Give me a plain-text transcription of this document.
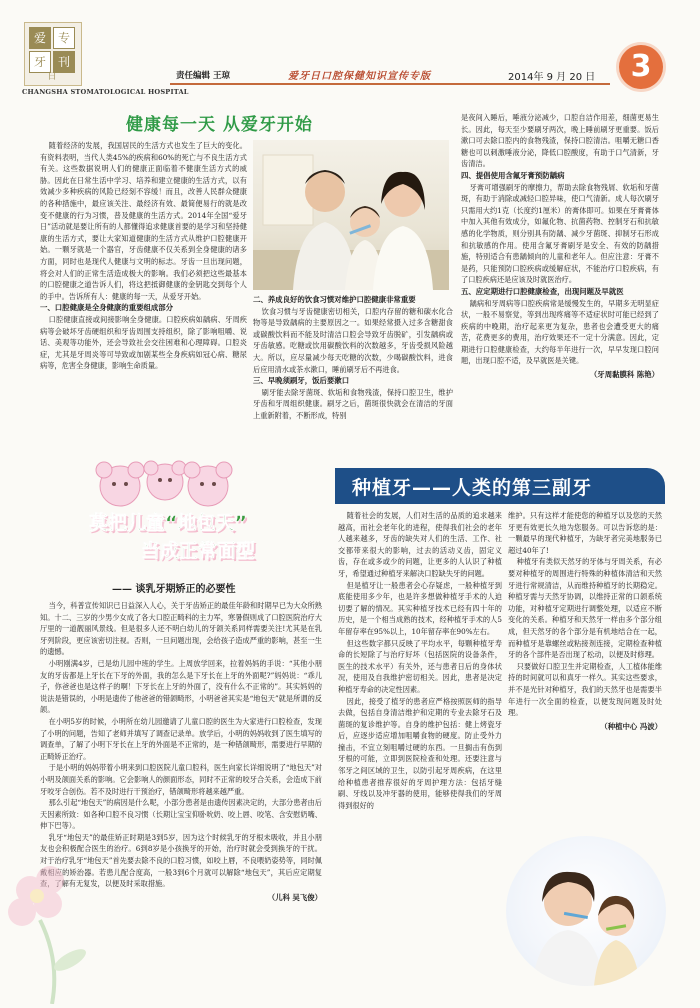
爱 专
牙 刊
日
CHANGSHA STOMATOLOGICAL HOSPITAL
责任编辑 王琼	爱牙日口腔保健知识宣传专版	2014年 9 月 20 日	3
健康每一天 从爱牙开始

随着经济的发展，我国居民的生活方式也发生了巨大的变化。有资料表明，当代人类45%的疾病和60%的死亡与不良生活方式有关。这些数据说明人们的健康正面临着不健康生活方式的威胁。因此在日常生活中学习、培养和建立健康的生活方式，以有效减少多种疾病的风险已经刻不容缓！而且，改善人民群众健康的各种措施中，最应该关注、最经济有效、最简便易行的就是改变不健康的行为习惯，普及健康的生活方式。2014年全国“爱牙日”活动就是要让所有的人都懂得追求健康首要的是学习和坚持健康的生活方式，要让大家知道健康的生活方式从维护口腔健康开始。一颗牙就是一个器官，牙齿健康不仅关系到全身健康的诸多方面，同时也是现代人健康与文明的标志。牙齿一旦出现问题，将会对人们的正常生活造成极大的影响。我们必须把这些最基本的口腔健康之道告诉人们，将这把抵御健康的金钥匙交到每个人的手中。告诉所有人：健康的每一天，从爱牙开始。

一、口腔健康是全身健康的重要组成部分

口腔健康直接或间接影响全身健康。口腔疾病如龋病、牙周疾病等会破坏牙齿硬组织和牙齿周围支持组织，除了影响咀嚼、说话、美观等功能外，还会导致社会交往困难和心理障碍。口腔炎症，尤其是牙周炎等可导致或加剧某些全身疾病如冠心病、糖尿病等，危害全身健康，影响生命质量。

二、养成良好的饮食习惯对维护口腔健康非常重要

饮食习惯与牙齿健康密切相关，口腔内存留的糖和碳水化合物等是导致龋病的主要原因之一。如果经常摄入过多含糖甜食或碳酸饮料而不能及时清洁口腔会导致牙齿脱矿，引发龋病或牙齿敏感。吃糖或饮用碳酸饮料的次数越多，牙齿受损风险越大。所以，应尽量减少每天吃糖的次数，少喝碳酸饮料，进食后应用清水或茶水漱口，睡前刷牙后不再进食。

三、早晚须刷牙，饭后要漱口

刷牙能去除牙菌斑、软垢和食物残渣，保持口腔卫生，维护牙齿和牙周组织健康。刷牙之后，菌斑很快就会在清洁的牙面上重新附着，不断形成，特别

是夜间入睡后，唾液分泌减少，口腔自洁作用差，细菌更易生长。因此，每天至少要刷牙两次，晚上睡前刷牙更重要。饭后漱口可去除口腔内的食物残渣，保持口腔清洁。咀嚼无糖口香糖也可以刺激唾液分泌，降低口腔酸度，有助于口气清新，牙齿清洁。

四、提倡使用含氟牙膏预防龋病

牙膏可增强刷牙的摩擦力，帮助去除食物残屑、软垢和牙菌斑，有助于消除或减轻口腔异味，使口气清新。成人每次刷牙只需用大约1克（长度约1厘米）的膏体即可。如果在牙膏膏体中加入其他有效成分，如氟化物、抗菌药物、控制牙石和抗敏感的化学物质，则分别具有防龋、减少牙菌斑、抑制牙石形成和抗敏感的作用。使用含氟牙膏刷牙是安全、有效的防龋措施，特别适合有患龋倾向的儿童和老年人。但应注意：牙膏不是药，只能预防口腔疾病或缓解症状，不能治疗口腔疾病，有了口腔疾病还是应该及时就医治疗。

五、应定期进行口腔健康检查，出现问题及早就医

龋病和牙周病等口腔疾病常是缓慢发生的，早期多无明显症状，一般不易察觉，等到出现疼痛等不适症状时可能已经到了疾病的中晚期，治疗起来更为复杂，患者也会遭受更大的痛苦，花费更多的费用，治疗效果还不一定十分满意。因此，定期进行口腔健康检查，大约每半年进行一次，早早发现口腔问题，出现口腔不适，及早就医是关键。

（牙周黏膜科 陈艳）
莫把儿童“地包天”
当成正常面型
—— 谈乳牙期矫正的必要性

当今，科普宣传知识已日益深入人心，关于牙齿矫正的最佳年龄和时期早已为大众所熟知。十二、三岁的少男少女成了各大口腔正畸科的主力军，寒暑假则成了口腔医院治疗大厅里的一道靓丽风景线。但是很多人还不明白幼儿的牙颌关系同样需要关注!尤其是在乳牙列阶段，更应该密切注视。否则，一旦问题出现，会给孩子造成严重的影响，甚至一生的遗憾。

小明刚满4岁，已是幼儿园中班的学生。上周放学回来，拉着妈妈的手说：“其他小朋友的牙齿都是上牙长在下牙的外面，我的怎么是下牙长在上牙的外面呢?”妈妈说：“乖儿子，你爸爸也是这样子的啊！下牙长在上牙的外面了，没有什么不正常的”。其实妈妈的说法是错误的，小明是遗传了他爸爸的错颌畸形，小明爸爸其实是“地包天”就是所谓的反颌。

在小明5岁的时候，小明所在幼儿园邀请了儿童口腔的医生为大家进行口腔检查，发现了小明的问题，告知了老师并填写了调查记录单。放学后，小明的妈妈收到了医生填写的调查单，了解了小明下牙长在上牙的外面是不正常的，是一种错颌畸形，需要进行早期的正畸矫正治疗。

于是小明的妈妈带着小明来到口腔医院儿童口腔科，医生向家长详细说明了“地包天”对小明及颌面关系的影响。它会影响人的颜面形态，同时不正常的咬牙合关系，会造成下前牙咬牙合创伤。若不及时进行干预治疗，错颌畸形将越来越严重。

那么引起“地包天”的病因是什么呢，小部分患者是由遗传因素决定的，大部分患者由后天因素所致：如各种口腔不良习惯（长期让宝宝仰卧吮奶、咬上唇、咬笔、含安慰奶嘴、伸下巴等）。

乳牙“地包天”的最佳矫正时期是3到5岁，因为这个时候乳牙的牙根未吸收，并且小朋友也会积极配合医生的治疗。6到8岁是小孩换牙的开始，治疗时就会受到换牙的干扰。对于治疗乳牙“地包天”首先要去除不良的口腔习惯，如咬上唇，不良喂奶姿势等，同时佩戴相应的矫治器。若患儿配合度高，一般3到6个月就可以解除“地包天”，其后应定期复查，了解有无复发，以便及时采取措施。

（儿科 吴飞俊）
种植牙——人类的第三副牙

随着社会的发展，人们对生活的品质的追求越来越高，而社会老年化的进程，使得我们社会的老年人越来越多，牙齿的缺失对人们的生活、工作、社交都带来很大的影响，过去的活动义齿，固定义齿，存在或多或少的问题，让更多的人认识了种植牙，希望通过种植牙来解决口腔缺失牙的问题。

但是植牙让一般患者会心存疑虑，一般种植牙到底能使用多少年，也是许多想做种植牙手术的人迫切要了解的情况。其实种植牙技术已经有四十年的历史，是一个相当成熟的技术，经种植牙手术的人5年留存率在95%以上，10年留存率在90%左右。

但这些数字都只反映了平均水平，每颗种植牙寿命的长短除了与治疗好坏（包括医院的设备条件，医生的技术水平）有关外，还与患者日后的身体状况，使用及自我维护密切相关。因此，患者是决定种植牙寿命的决定性因素。

因此，接受了植牙的患者应严格按照医师的指导去做，包括自身清洁维护和定期的专业去除牙石及菌斑的复诊维护等。自身的维护包括：健上烤瓷牙后，应逐步适应增加咀嚼食物的硬度。防止受外力撞击，不宜立刻咀嚼过硬的东西。一旦搁击有伤到牙根的可能，立即到医院检查和处理。还要注意与邻牙之间区域的卫生，以防引起牙周疾病，在这里给种植患者推荐很好的牙周护理方法：包括牙缝刷、牙线以及冲牙器的使用，能够使得我们的牙周得到很好的

维护。只有这样才能使您的种植牙以及您的天然牙更有效更长久地为您服务。可以告诉您的是：一颗最早的现代种植牙，为缺牙者完美地服务已超过40年了!

种植牙有类似天然牙的牙体与牙周关系，有必要对种植牙的周围进行特殊的种植体清洁和天然牙进行常规清洁，从而维持种植牙的长期稳定。 种植牙需与天然牙协调，以维持正常的口颌系统功能，对种植牙定期进行调整处理，以适应不断变化的关系。种植牙和天然牙一样由多个部分组成，但天然牙的各个部分是有机地结合在一起，而种植牙是靠螺丝或粘接剂连接，定期检查种植牙的各个部件是否出现了松动，以便及时修理。

只要做好口腔卫生并定期检查，人工植体能维持的时间就可以和真牙一样久。其实这些要求，并不是光针对种植牙，我们的天然牙也是需要半年进行一次全面的检查，以便发现问题及时处理。

（种植中心 冯波）
